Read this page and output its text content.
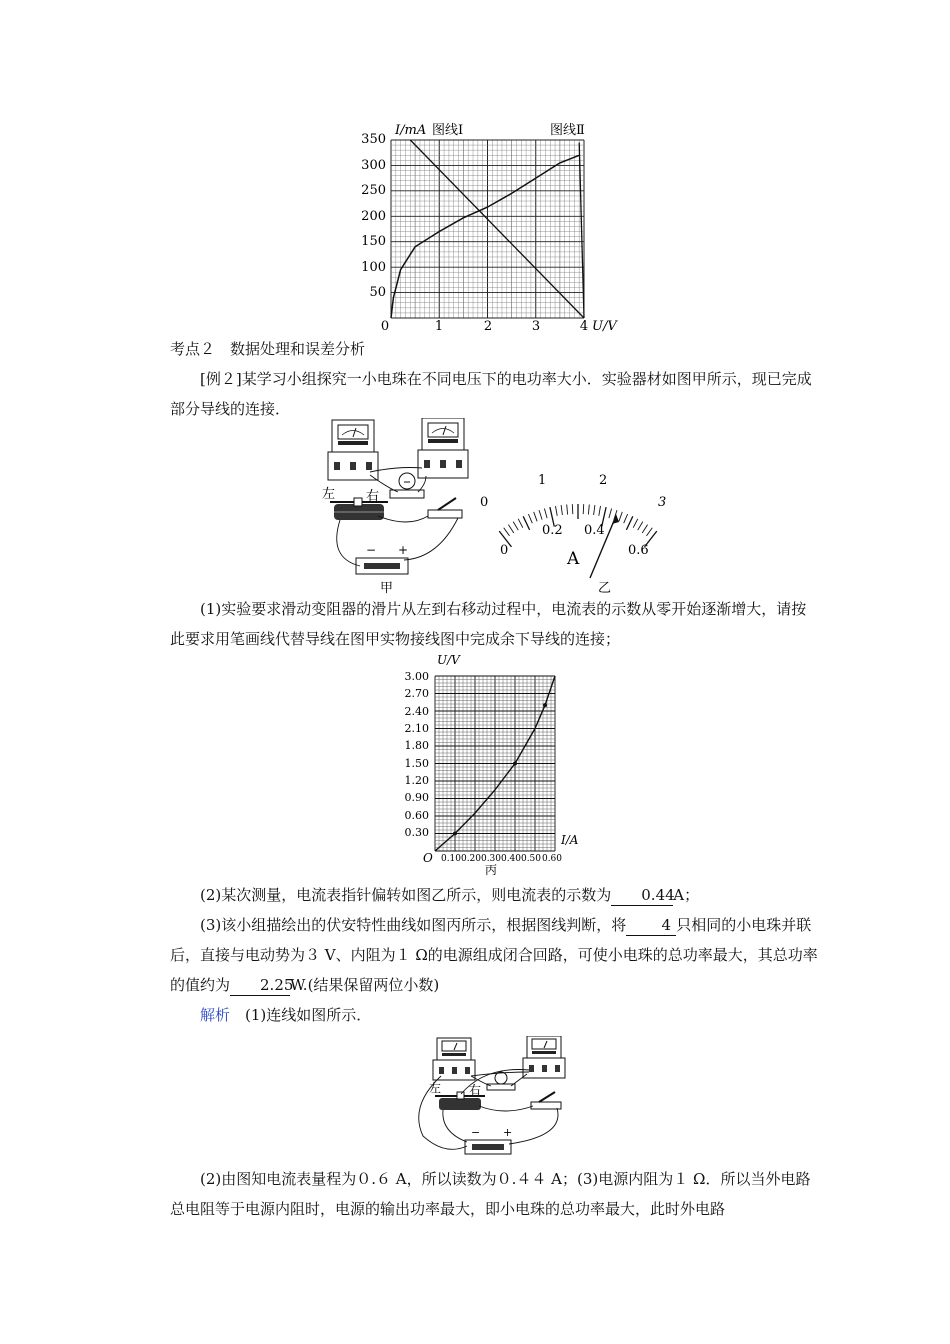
350
300
250
200
150
100
50
0	1	2	3	4
I/mA 图线Ⅰ	图线Ⅱ
U/V
考点２　数据处理和误差分析
[例２]某学习小组探究一小电珠在不同电压下的电功率大小．实验器材如图甲所示，现已完成部分导线的连接．
左 右
− +
甲
0
1	2
3
0.2 0.4
0	0.6
A
乙
(1)实验要求滑动变阻器的滑片从左到右移动过程中，电流表的示数从零开始逐渐增大，请按此要求用笔画线代替导线在图甲实物接线图中完成余下导线的连接；
3.00
2.70
2.40
2.10
1.80
1.50
1.20
0.90
0.60
0.30
0.10 0.20 0.30 0.40 0.50 0.60
U/V
I/A
O
丙
(2)某次测量，电流表指针偏转如图乙所示，则电流表的示数为 0.44A；
(3)该小组描绘出的伏安特性曲线如图丙所示，根据图线判断，将 4 只相同的小电珠并联后，直接与电动势为３ V、内阻为１ Ω的电源组成闭合回路，可使小电珠的总功率最大，其总功率的值约为 2.25W.(结果保留两位小数)
解析　 (1)连线如图所示．
左 右
− +
(2)由图知电流表量程为０.６ A，所以读数为０.４４ A；(3)电源内阻为１ Ω．所以当外电路总电阻等于电源内阻时，电源的输出功率最大，即小电珠的总功率最大，此时外电路
